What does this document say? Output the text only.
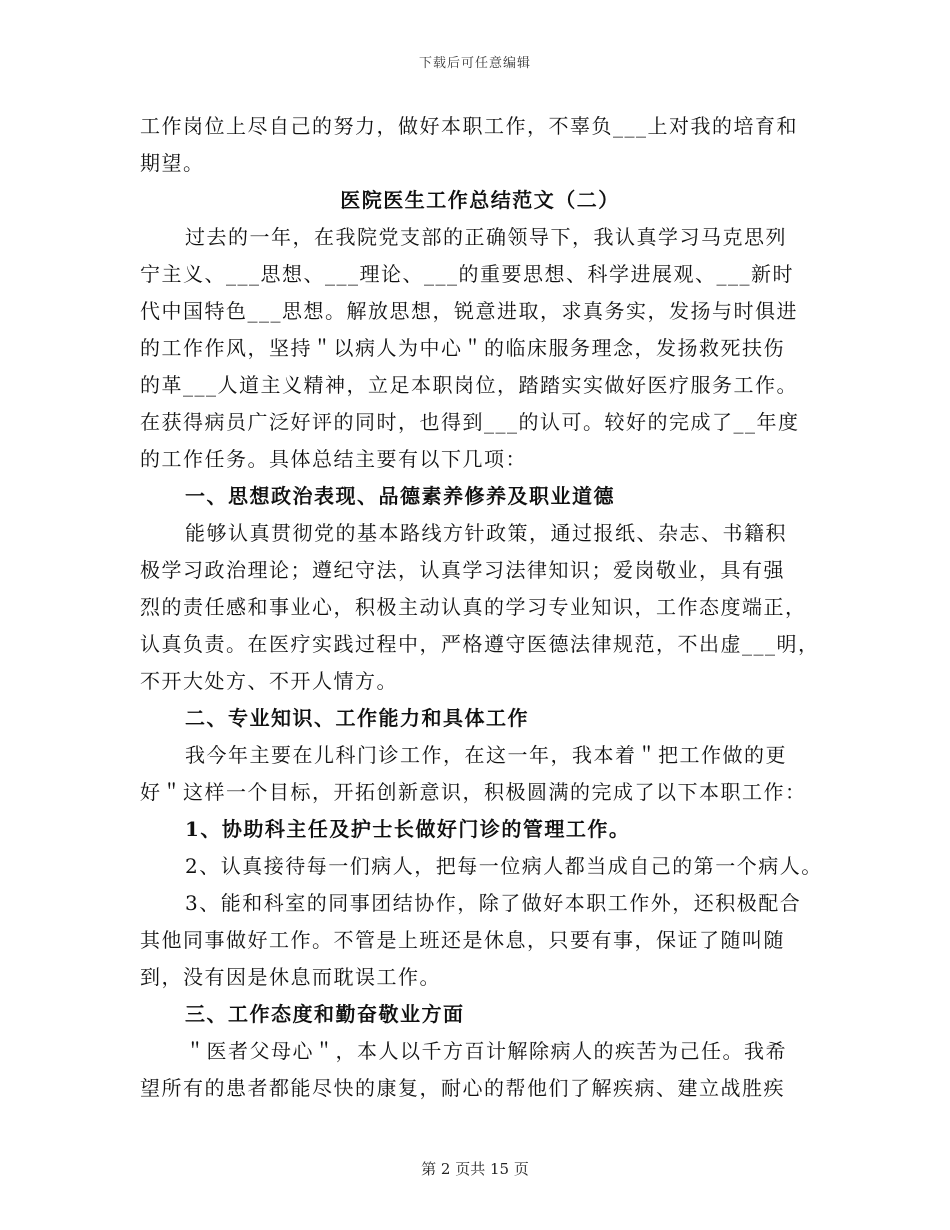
下载后可任意编辑
工作岗位上尽自己的努力，做好本职工作，不辜负___上对我的培育和
期望。
医院医生工作总结范文（二）
过去的一年，在我院党支部的正确领导下，我认真学习马克思列
宁主义、___思想、___理论、___的重要思想、科学进展观、___新时
代中国特色___思想。解放思想，锐意进取，求真务实，发扬与时俱进
的工作作风，坚持＂以病人为中心＂的临床服务理念，发扬救死扶伤
的革___人道主义精神，立足本职岗位，踏踏实实做好医疗服务工作。
在获得病员广泛好评的同时，也得到___的认可。较好的完成了__年度
的工作任务。具体总结主要有以下几项：
一、思想政治表现、品德素养修养及职业道德
能够认真贯彻党的基本路线方针政策，通过报纸、杂志、书籍积
极学习政治理论；遵纪守法，认真学习法律知识；爱岗敬业，具有强
烈的责任感和事业心，积极主动认真的学习专业知识，工作态度端正，
认真负责。在医疗实践过程中，严格遵守医德法律规范，不出虚___明，
不开大处方、不开人情方。
二、专业知识、工作能力和具体工作
我今年主要在儿科门诊工作，在这一年，我本着＂把工作做的更
好＂这样一个目标，开拓创新意识，积极圆满的完成了以下本职工作：
1、协助科主任及护士长做好门诊的管理工作。
2、认真接待每一们病人，把每一位病人都当成自己的第一个病人。
3、能和科室的同事团结协作，除了做好本职工作外，还积极配合
其他同事做好工作。不管是上班还是休息，只要有事，保证了随叫随
到，没有因是休息而耽误工作。
三、工作态度和勤奋敬业方面
＂医者父母心＂，本人以千方百计解除病人的疾苦为己任。我希
望所有的患者都能尽快的康复，耐心的帮他们了解疾病、建立战胜疾
第 2 页共 15 页
